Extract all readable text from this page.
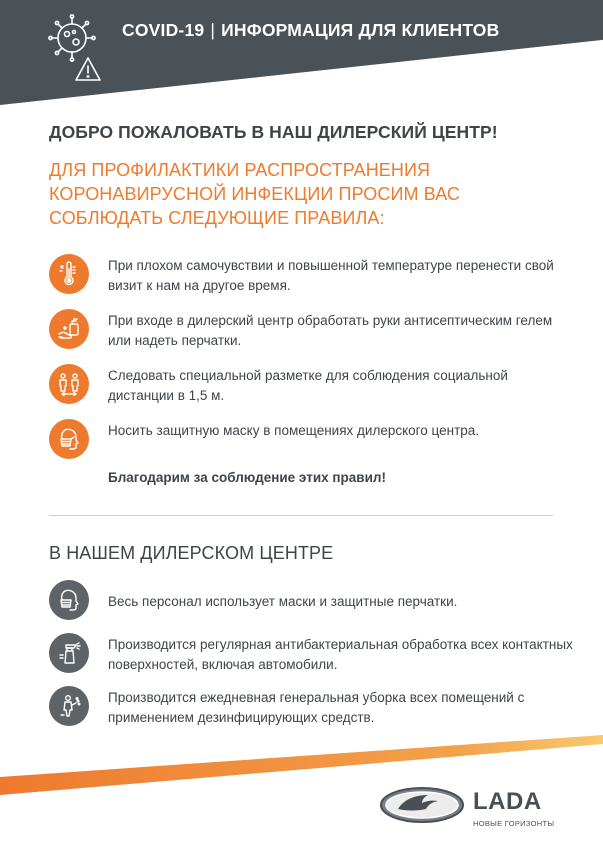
COVID-19 | ИНФОРМАЦИЯ ДЛЯ КЛИЕНТОВ
ДОБРО ПОЖАЛОВАТЬ В НАШ ДИЛЕРСКИЙ ЦЕНТР!
ДЛЯ ПРОФИЛАКТИКИ РАСПРОСТРАНЕНИЯ КОРОНАВИРУСНОЙ ИНФЕКЦИИ ПРОСИМ ВАС СОБЛЮДАТЬ СЛЕДУЮЩИЕ ПРАВИЛА:
При плохом самочувствии и повышенной температуре перенести свой визит к нам на другое время.
При входе в дилерский центр обработать руки антисептическим гелем или надеть перчатки.
Следовать специальной разметке для соблюдения социальной дистанции в 1,5 м.
Носить защитную маску в помещениях дилерского центра.
Благодарим за соблюдение этих правил!
В НАШЕМ ДИЛЕРСКОМ ЦЕНТРЕ
Весь персонал использует маски и защитные перчатки.
Производится регулярная антибактериальная обработка всех контактных поверхностей, включая автомобили.
Производится ежедневная генеральная уборка всех помещений с применением дезинфицирующих средств.
LADA
НОВЫЕ ГОРИЗОНТЫ
